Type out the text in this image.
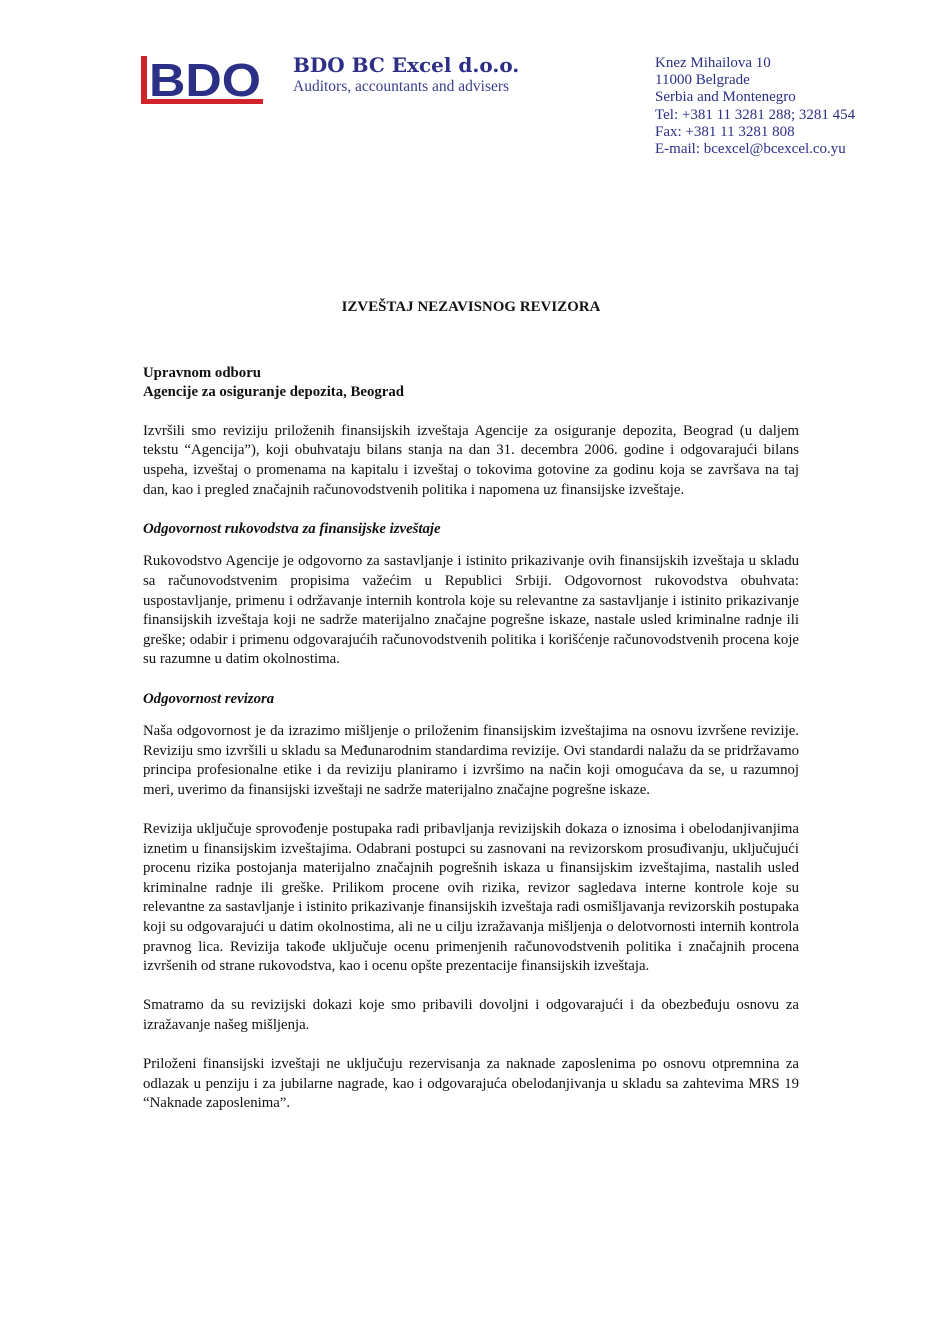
BDO BDO BC Excel d.o.o.
Auditors, accountants and advisers
Knez Mihailova 10
11000 Belgrade
Serbia and Montenegro
Tel: +381 11 3281 288; 3281 454
Fax: +381 11 3281 808
E-mail: bcexcel@bcexcel.co.yu
IZVEŠTAJ NEZAVISNOG REVIZORA
Upravnom odboru
Agencije za osiguranje depozita, Beograd
Izvršili smo reviziju priloženih finansijskih izveštaja Agencije za osiguranje depozita, Beograd (u daljem tekstu “Agencija”), koji obuhvataju bilans stanja na dan 31. decembra 2006. godine i odgovarajući bilans uspeha, izveštaj o promenama na kapitalu i izveštaj o tokovima gotovine za godinu koja se završava na taj dan, kao i pregled značajnih računovodstvenih politika i napomena uz finansijske izveštaje.
Odgovornost rukovodstva za finansijske izveštaje
Rukovodstvo Agencije je odgovorno za sastavljanje i istinito prikazivanje ovih finansijskih izveštaja u skladu sa računovodstvenim propisima važećim u Republici Srbiji. Odgovornost rukovodstva obuhvata: uspostavljanje, primenu i održavanje internih kontrola koje su relevantne za sastavljanje i istinito prikazivanje finansijskih izveštaja koji ne sadrže materijalno značajne pogrešne iskaze, nastale usled kriminalne radnje ili greške; odabir i primenu odgovarajućih računovodstvenih politika i korišćenje računovodstvenih procena koje su razumne u datim okolnostima.
Odgovornost revizora
Naša odgovornost je da izrazimo mišljenje o priloženim finansijskim izveštajima na osnovu izvršene revizije. Reviziju smo izvršili u skladu sa Međunarodnim standardima revizije. Ovi standardi nalažu da se pridržavamo principa profesionalne etike i da reviziju planiramo i izvršimo na način koji omogućava da se, u razumnoj meri, uverimo da finansijski izveštaji ne sadrže materijalno značajne pogrešne iskaze.
Revizija uključuje sprovođenje postupaka radi pribavljanja revizijskih dokaza o iznosima i obelodanjivanjima iznetim u finansijskim izveštajima. Odabrani postupci su zasnovani na revizorskom prosuđivanju, uključujući procenu rizika postojanja materijalno značajnih pogrešnih iskaza u finansijskim izveštajima, nastalih usled kriminalne radnje ili greške. Prilikom procene ovih rizika, revizor sagledava interne kontrole koje su relevantne za sastavljanje i istinito prikazivanje finansijskih izveštaja radi osmišljavanja revizorskih postupaka koji su odgovarajući u datim okolnostima, ali ne u cilju izražavanja mišljenja o delotvornosti internih kontrola pravnog lica. Revizija takođe uključuje ocenu primenjenih računovodstvenih politika i značajnih procena izvršenih od strane rukovodstva, kao i ocenu opšte prezentacije finansijskih izveštaja.
Smatramo da su revizijski dokazi koje smo pribavili dovoljni i odgovarajući i da obezbeđuju osnovu za izražavanje našeg mišljenja.
Priloženi finansijski izveštaji ne uključuju rezervisanja za naknade zaposlenima po osnovu otpremnina za odlazak u penziju i za jubilarne nagrade, kao i odgovarajuća obelodanjivanja u skladu sa zahtevima MRS 19 “Naknade zaposlenima”.
